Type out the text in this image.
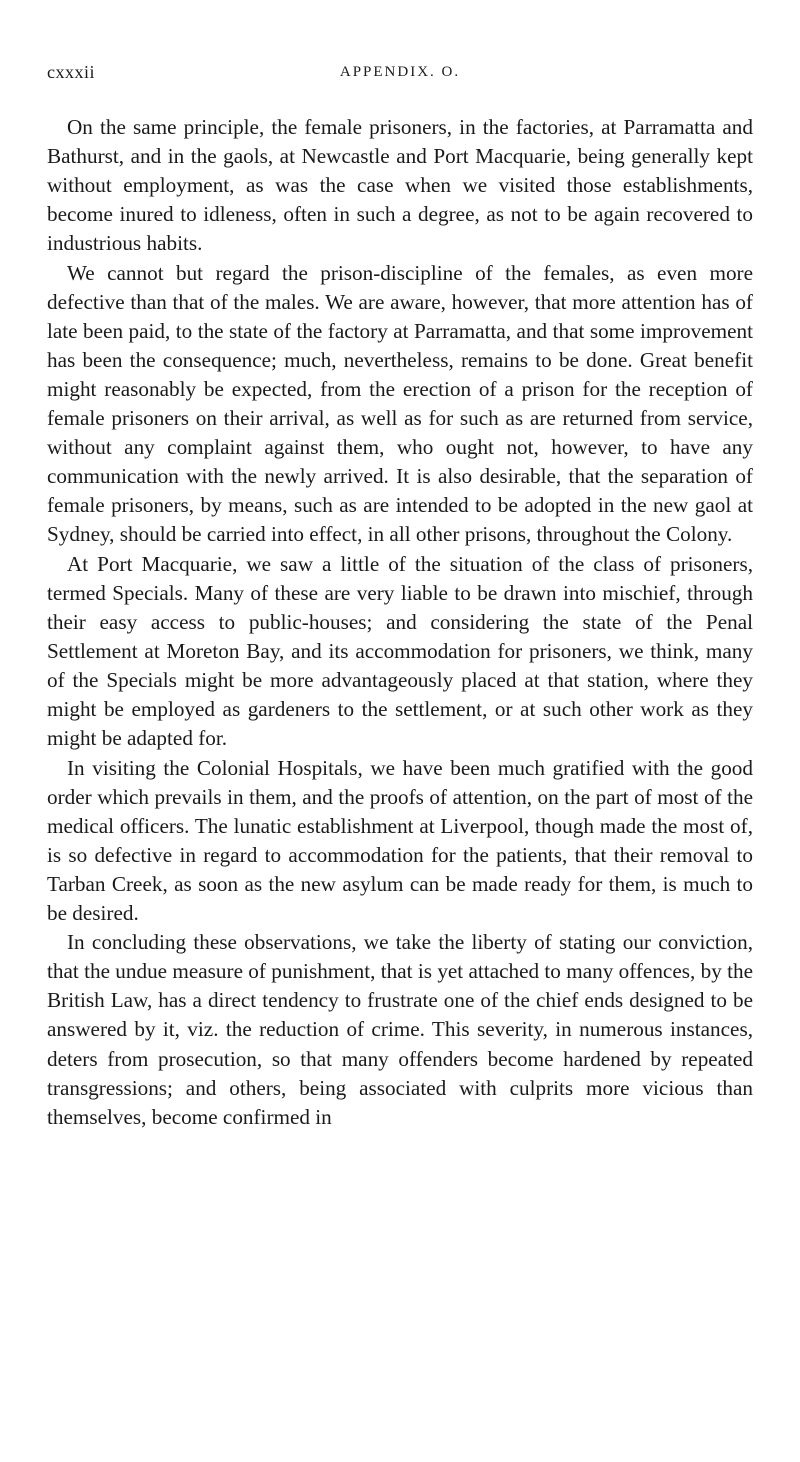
cxxxii	APPENDIX. O.

On the same principle, the female prisoners, in the factories, at Parramatta and Bathurst, and in the gaols, at Newcastle and Port Macquarie, being generally kept without employment, as was the case when we visited those establishments, become inured to idleness, often in such a degree, as not to be again recovered to industrious habits.

We cannot but regard the prison-discipline of the females, as even more defective than that of the males. We are aware, however, that more attention has of late been paid, to the state of the factory at Parramatta, and that some improvement has been the consequence; much, nevertheless, remains to be done. Great benefit might reasonably be expected, from the erection of a prison for the reception of female prisoners on their arrival, as well as for such as are returned from service, without any complaint against them, who ought not, however, to have any communication with the newly arrived. It is also desirable, that the separation of female prisoners, by means, such as are intended to be adopted in the new gaol at Sydney, should be carried into effect, in all other prisons, throughout the Colony.

At Port Macquarie, we saw a little of the situation of the class of prisoners, termed Specials. Many of these are very liable to be drawn into mischief, through their easy access to public-houses; and considering the state of the Penal Settlement at Moreton Bay, and its accommodation for prisoners, we think, many of the Specials might be more advantageously placed at that station, where they might be employed as gardeners to the settlement, or at such other work as they might be adapted for.

In visiting the Colonial Hospitals, we have been much gratified with the good order which prevails in them, and the proofs of attention, on the part of most of the medical officers. The lunatic establishment at Liverpool, though made the most of, is so defective in regard to accommodation for the patients, that their removal to Tarban Creek, as soon as the new asylum can be made ready for them, is much to be desired.

In concluding these observations, we take the liberty of stating our conviction, that the undue measure of punishment, that is yet attached to many offences, by the British Law, has a direct tendency to frustrate one of the chief ends designed to be answered by it, viz. the reduction of crime. This severity, in numerous instances, deters from prosecution, so that many offenders become hardened by repeated transgressions; and others, being associated with culprits more vicious than themselves, become confirmed in
